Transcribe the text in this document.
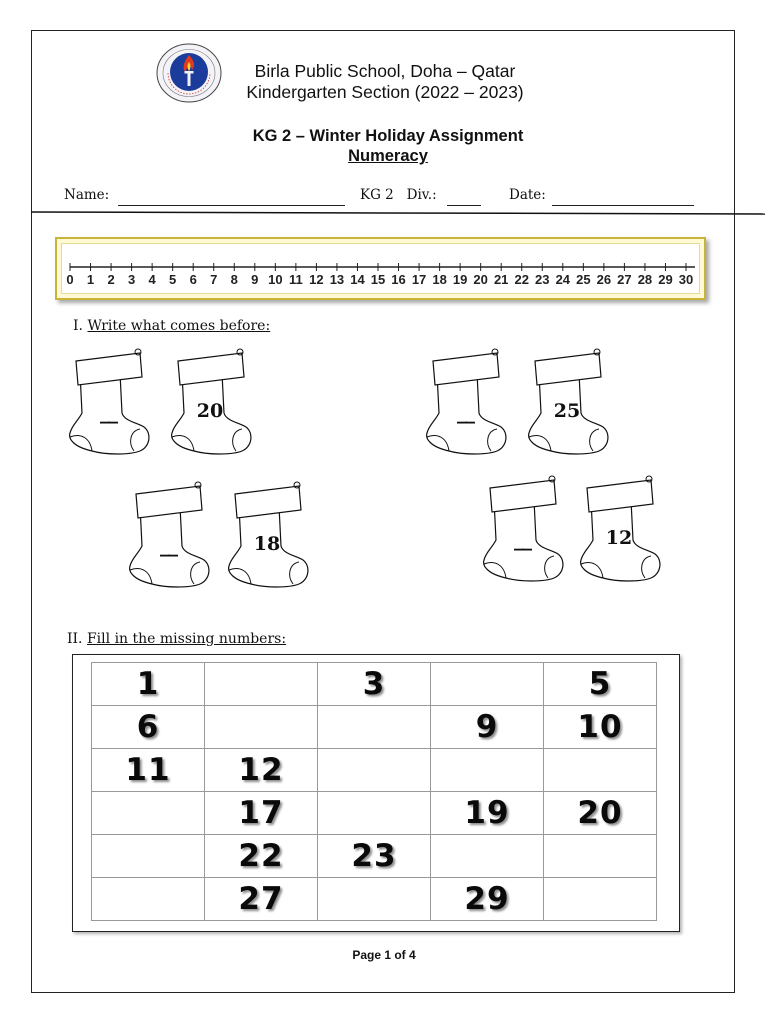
Birla Public School, Doha – Qatar
Kindergarten Section (2022 – 2023)
KG 2 – Winter Holiday Assignment
Numeracy
Name:	KG 2   Div.:	Date:
0 1 2 3 4 5 6 7 8 9 10 11 12 13 14 15 16 17 18 19 20 21 22 23 24 25 26 27 28 29 30
I. Write what comes before:
__	20	__	25
__	18	__	12
II. Fill in the missing numbers:
1		3		5
6			9	10
11	12			
	17		19	20
	22	23		
	27		29	
Page 1 of 4
